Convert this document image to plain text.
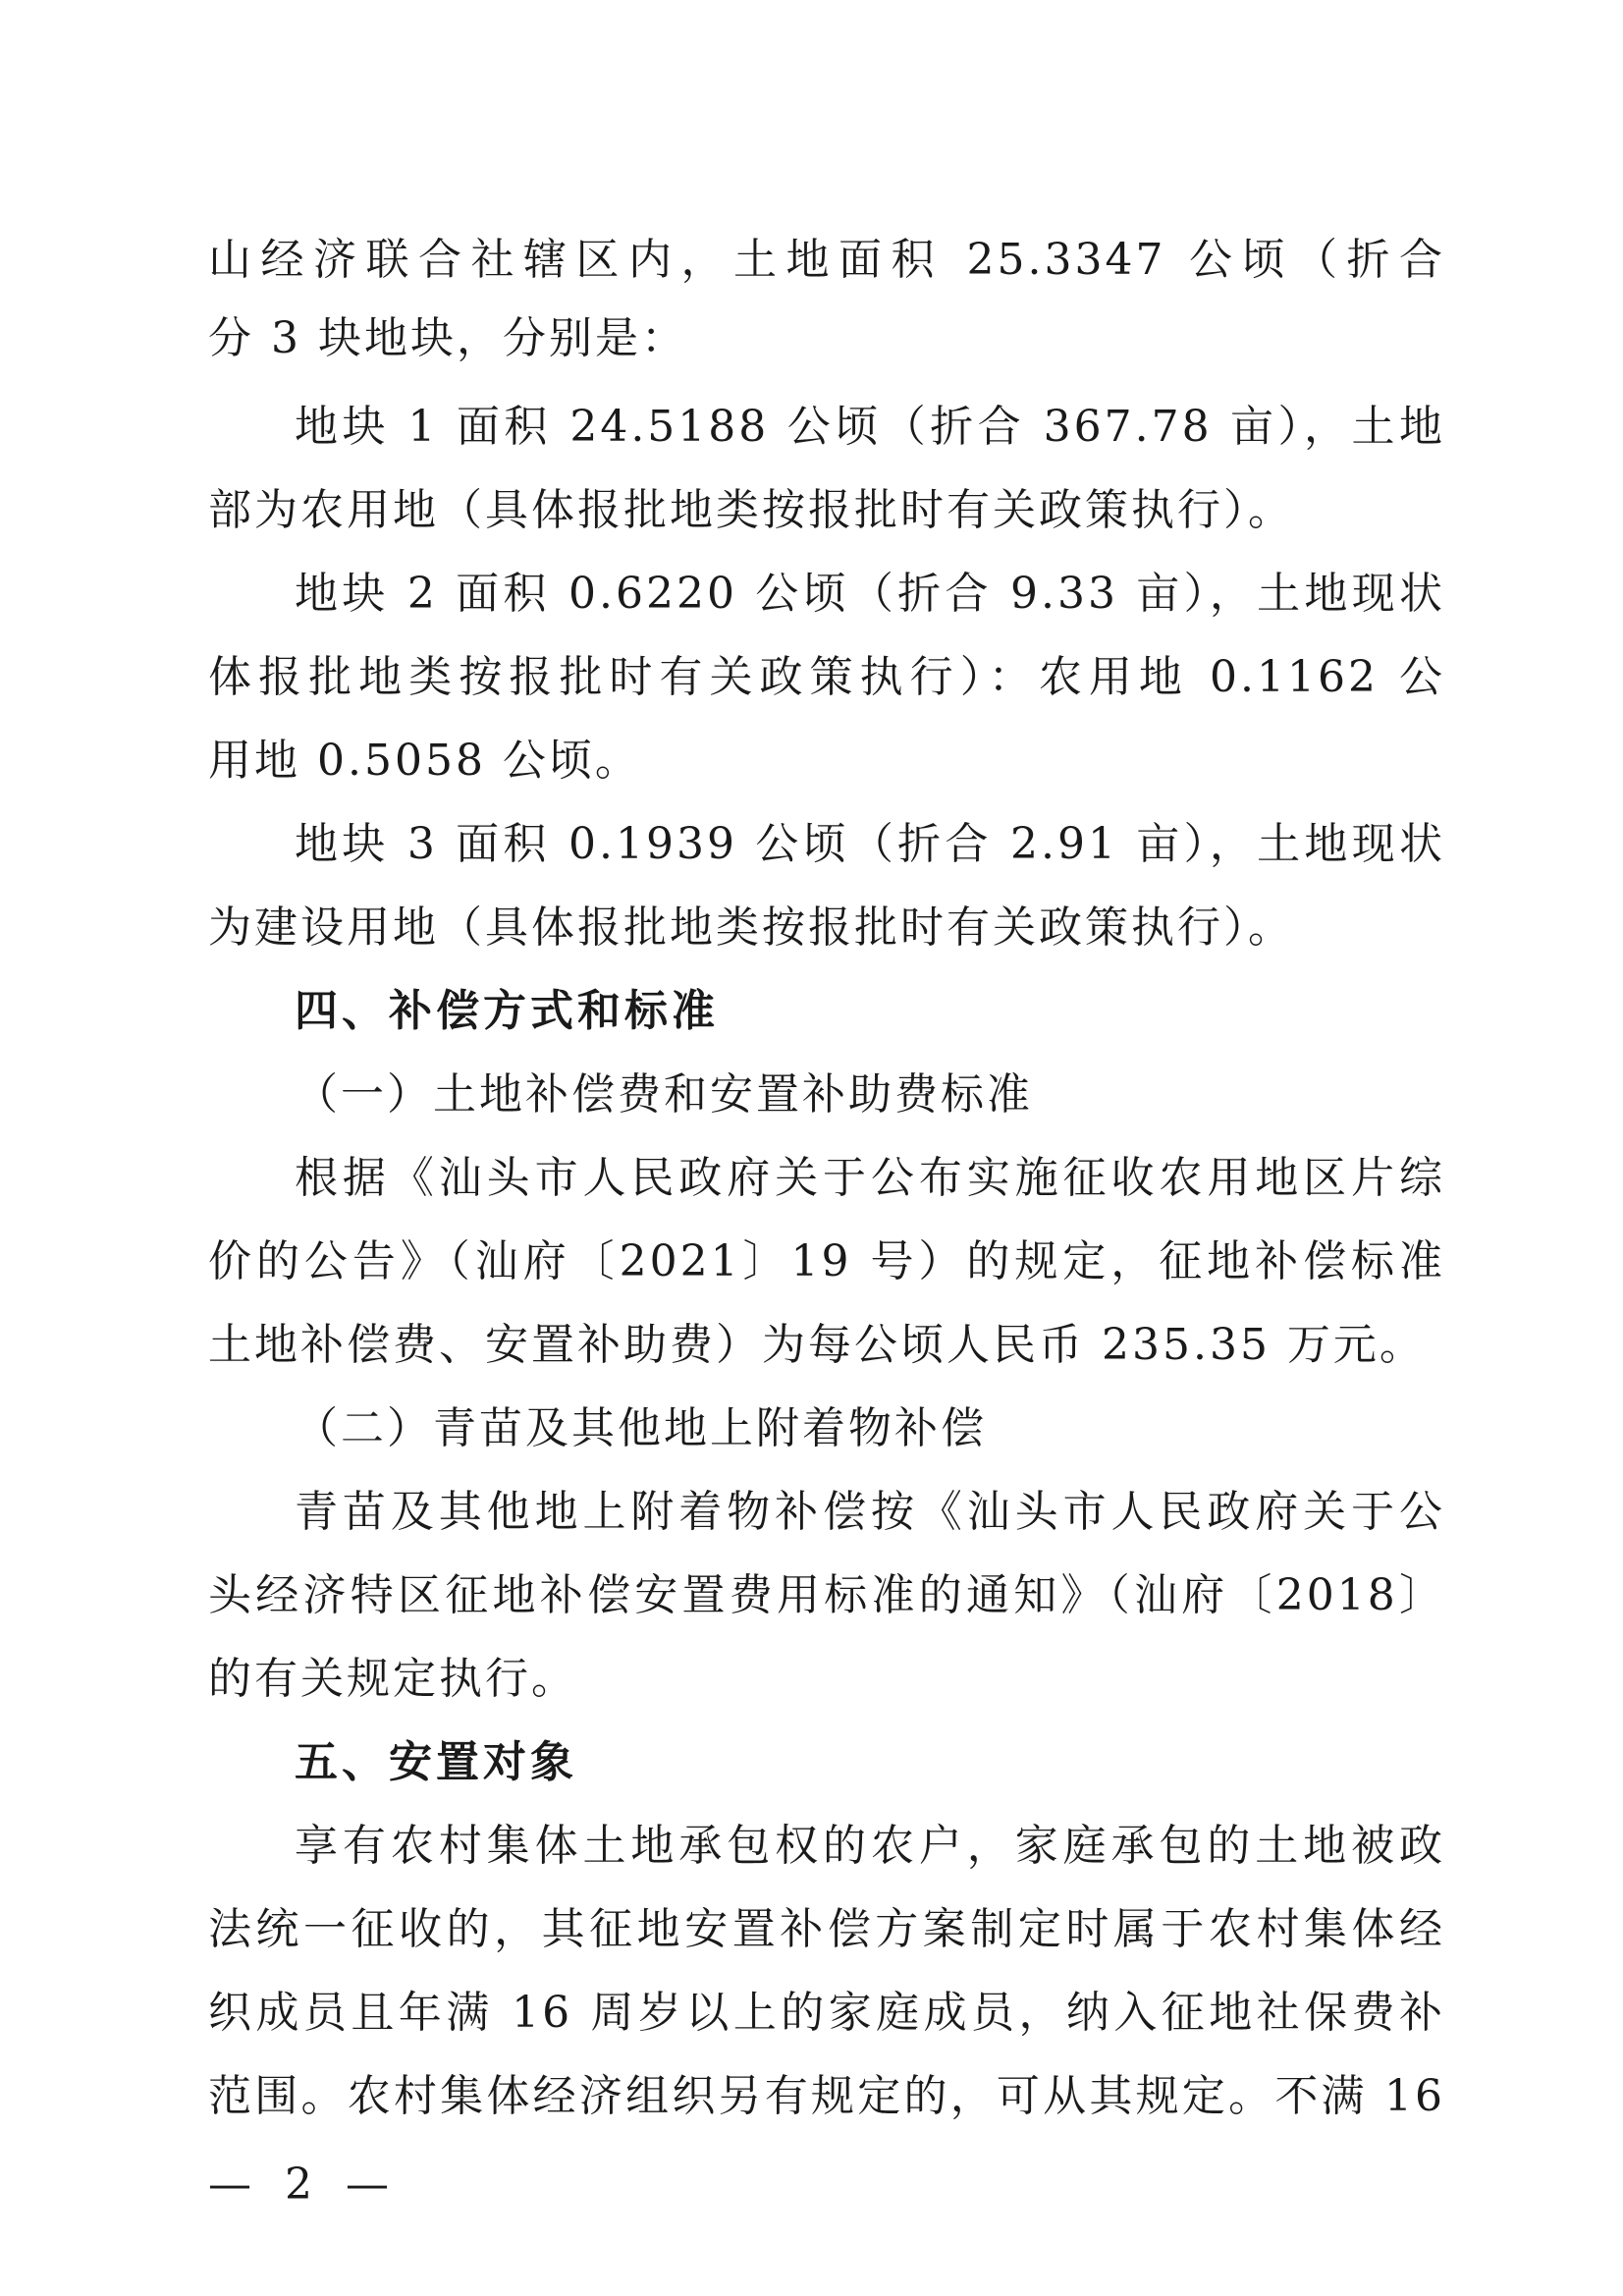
山经济联合社辖区内，土地面积 25.3347 公顷（折合
分 3 块地块，分别是：
地块 1 面积 24.5188 公顷（折合 367.78 亩），土地
部为农用地（具体报批地类按报批时有关政策执行）。
地块 2 面积 0.6220 公顷（折合 9.33 亩），土地现状
体报批地类按报批时有关政策执行）：农用地 0.1162 公
用地 0.5058 公顷。
地块 3 面积 0.1939 公顷（折合 2.91 亩），土地现状
为建设用地（具体报批地类按报批时有关政策执行）。
四、补偿方式和标准
（一）土地补偿费和安置补助费标准
根据《汕头市人民政府关于公布实施征收农用地区片综
价的公告》（汕府〔2021〕19 号）的规定，征地补偿标准
土地补偿费、安置补助费）为每公顷人民币 235.35 万元。
（二）青苗及其他地上附着物补偿
青苗及其他地上附着物补偿按《汕头市人民政府关于公
头经济特区征地补偿安置费用标准的通知》（汕府〔2018〕
的有关规定执行。
五、安置对象
享有农村集体土地承包权的农户，家庭承包的土地被政
法统一征收的，其征地安置补偿方案制定时属于农村集体经
织成员且年满 16 周岁以上的家庭成员，纳入征地社保费补
范围。农村集体经济组织另有规定的，可从其规定。不满 16
— 2 —
